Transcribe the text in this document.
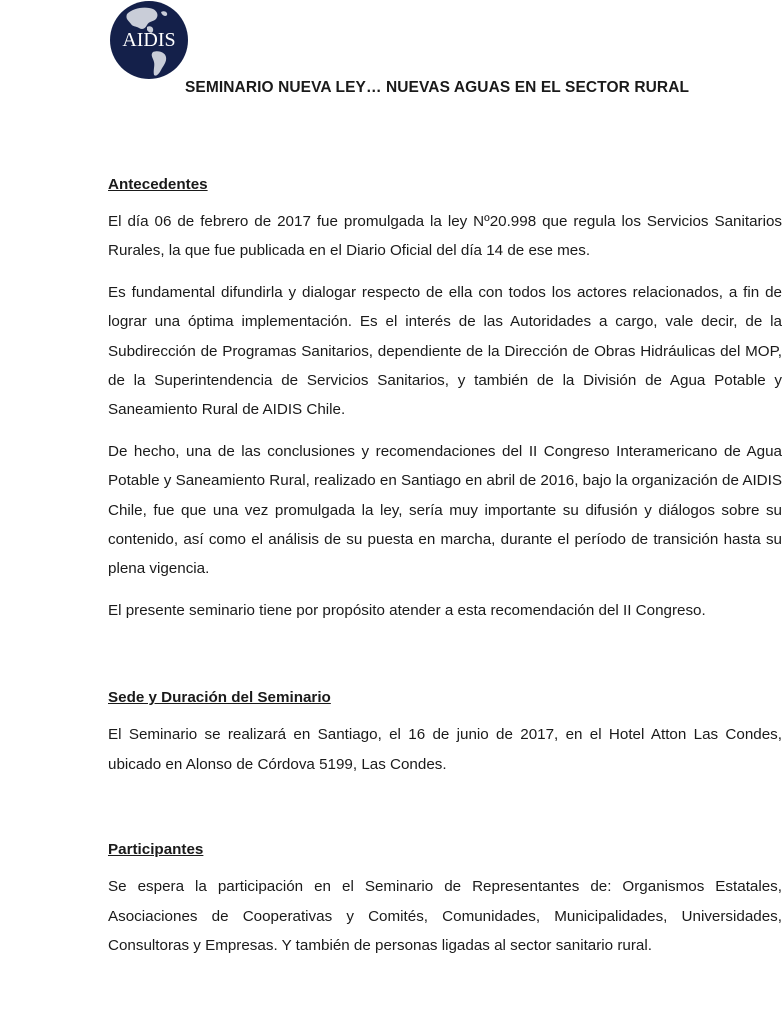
AIDIS
SEMINARIO NUEVA LEY… NUEVAS AGUAS EN EL SECTOR RURAL
Antecedentes

El día 06 de febrero de 2017 fue promulgada la ley Nº20.998 que regula los Servicios Sanitarios Rurales, la que fue publicada en el Diario Oficial del día 14 de ese mes.

Es fundamental difundirla y dialogar respecto de ella con todos los actores relacionados, a fin de lograr una óptima implementación. Es el interés de las Autoridades a cargo, vale decir, de la Subdirección de Programas Sanitarios, dependiente de la Dirección de Obras Hidráulicas del MOP, de la Superintendencia de Servicios Sanitarios, y también de la División de Agua Potable y Saneamiento Rural de AIDIS Chile.

De hecho, una de las conclusiones y recomendaciones del II Congreso Interamericano de Agua Potable y Saneamiento Rural, realizado en Santiago en abril de 2016, bajo la organización de AIDIS Chile, fue que una vez promulgada la ley, sería muy importante su difusión y diálogos sobre su contenido, así como el análisis de su puesta en marcha, durante el período de transición hasta su plena vigencia.

El presente seminario tiene por propósito atender a esta recomendación del II Congreso.

Sede y Duración del Seminario

El Seminario se realizará en Santiago, el 16 de junio de 2017, en el Hotel Atton Las Condes, ubicado en Alonso de Córdova 5199, Las Condes.

Participantes

Se espera la participación en el Seminario de Representantes de: Organismos Estatales, Asociaciones de Cooperativas y Comités, Comunidades, Municipalidades, Universidades, Consultoras y Empresas. Y también de personas ligadas al sector sanitario rural.
